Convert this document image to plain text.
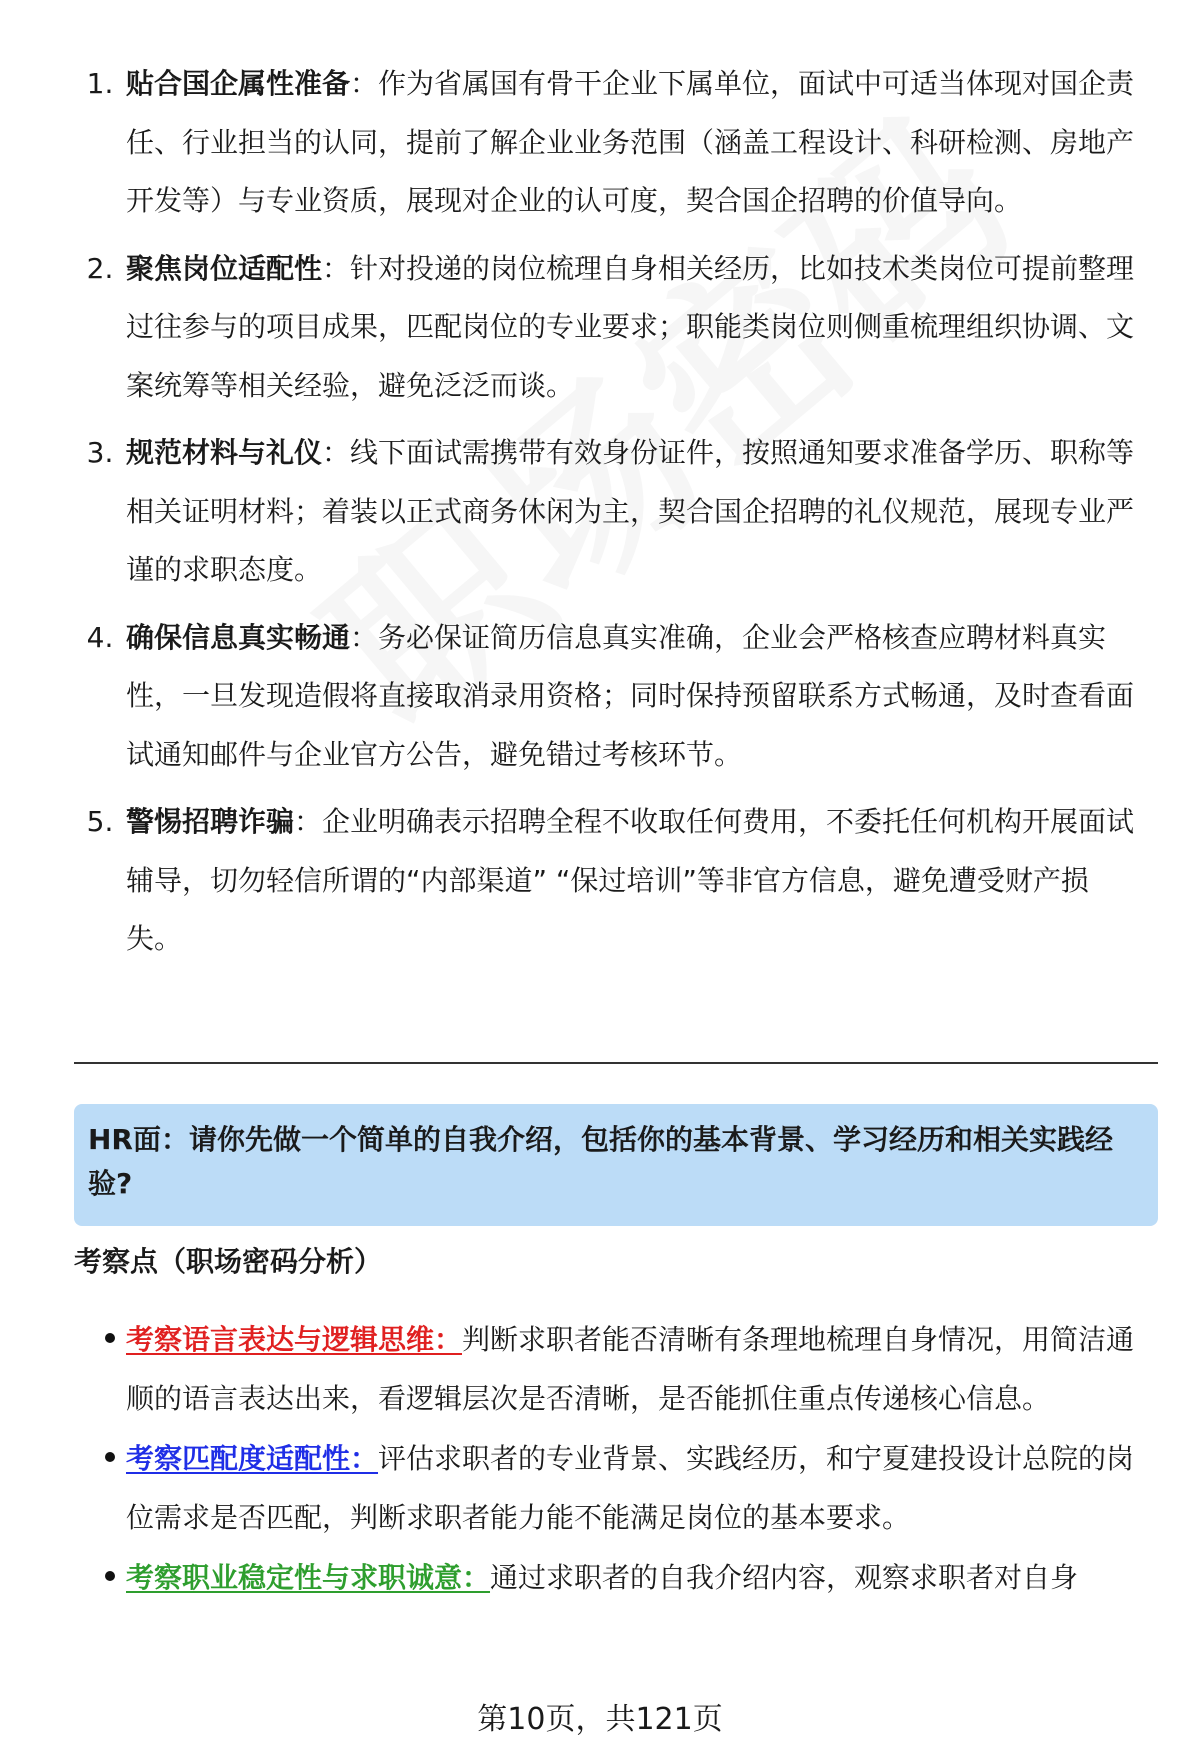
1. 贴合国企属性准备：作为省属国有骨干企业下属单位，面试中可适当体现对国企责任、行业担当的认同，提前了解企业业务范围（涵盖工程设计、科研检测、房地产开发等）与专业资质，展现对企业的认可度，契合国企招聘的价值导向。
2. 聚焦岗位适配性：针对投递的岗位梳理自身相关经历，比如技术类岗位可提前整理过往参与的项目成果，匹配岗位的专业要求；职能类岗位则侧重梳理组织协调、文案统筹等相关经验，避免泛泛而谈。
3. 规范材料与礼仪：线下面试需携带有效身份证件，按照通知要求准备学历、职称等相关证明材料；着装以正式商务休闲为主，契合国企招聘的礼仪规范，展现专业严谨的求职态度。
4. 确保信息真实畅通：务必保证简历信息真实准确，企业会严格核查应聘材料真实性，一旦发现造假将直接取消录用资格；同时保持预留联系方式畅通，及时查看面试通知邮件与企业官方公告，避免错过考核环节。
5. 警惕招聘诈骗：企业明确表示招聘全程不收取任何费用，不委托任何机构开展面试辅导，切勿轻信所谓的“内部渠道” “保过培训”等非官方信息，避免遭受财产损失。
HR面：请你先做一个简单的自我介绍，包括你的基本背景、学习经历和相关实践经验?
考察点（职场密码分析）
考察语言表达与逻辑思维：判断求职者能否清晰有条理地梳理自身情况，用简洁通顺的语言表达出来，看逻辑层次是否清晰，是否能抓住重点传递核心信息。
考察匹配度适配性：评估求职者的专业背景、实践经历，和宁夏建投设计总院的岗位需求是否匹配，判断求职者能力能不能满足岗位的基本要求。
考察职业稳定性与求职诚意：通过求职者的自我介绍内容，观察求职者对自身
第10页，共121页
